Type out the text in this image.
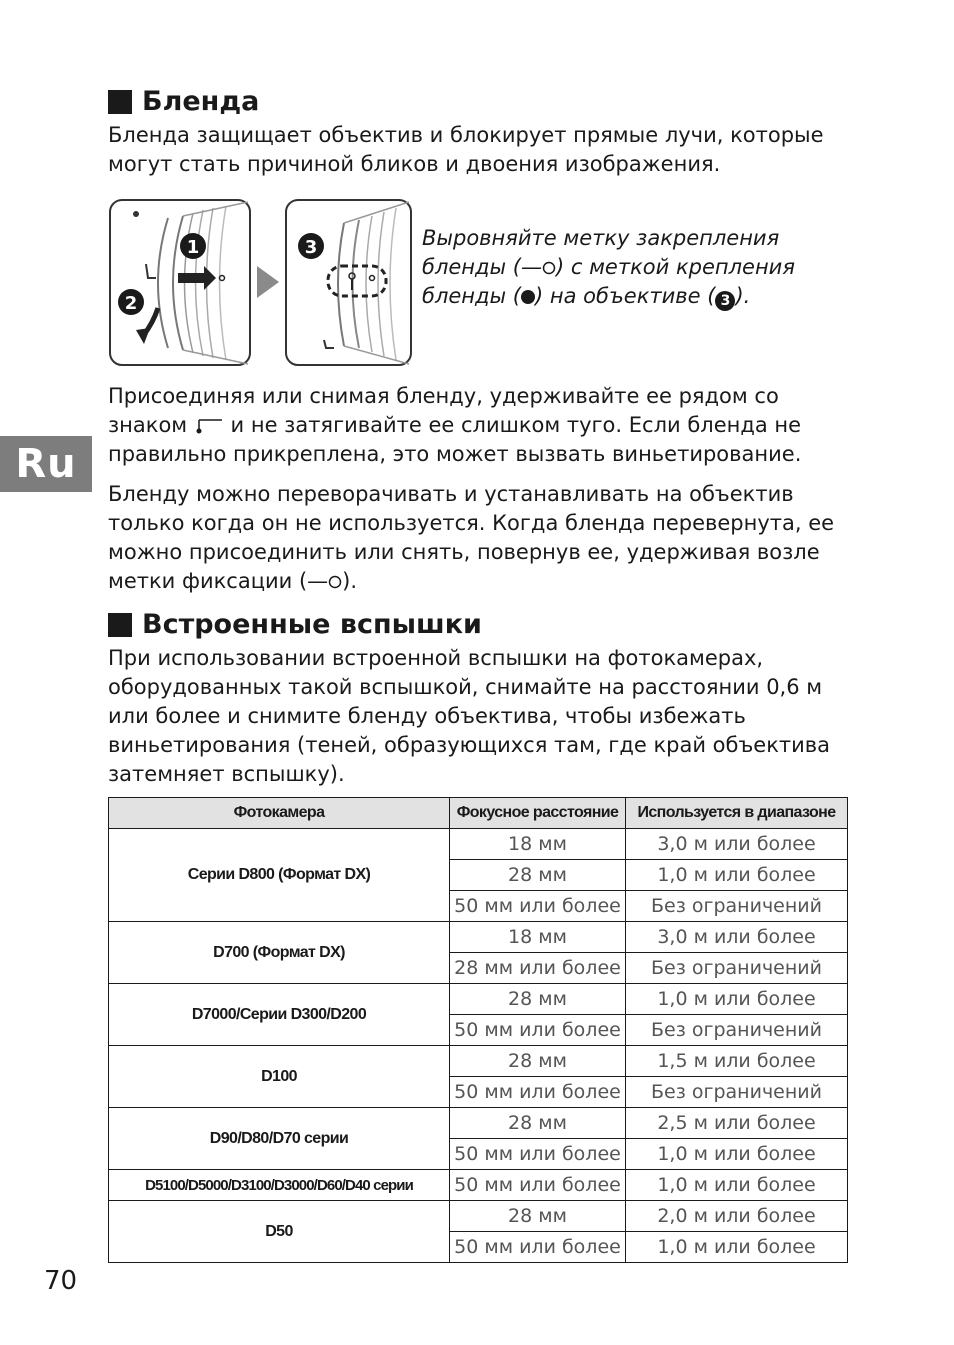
Бленда

Бленда защищает объектив и блокирует прямые лучи, которые

могут стать причиной бликов и двоения изображения.

1
2
3	Выровняйте метку закрепления
бленды (— ) с меткой крепления
бленды ( ) на объективе ( 3 ).

Присоединяя или снимая бленду, удерживайте ее рядом со

знаком и не затягивайте ее слишком туго. Если бленда не

правильно прикреплена, это может вызвать виньетирование.

Ru

Бленду можно переворачивать и устанавливать на объектив

только когда он не используется. Когда бленда перевернута, ее

можно присоединить или снять, повернув ее, удерживая возле

метки фиксации (— ).

Встроенные вспышки

При использовании встроенной вспышки на фотокамерах,

оборудованных такой вспышкой, снимайте на расстоянии 0,6 м

или более и снимите бленду объектива, чтобы избежать

виньетирования (теней, образующихся там, где край объектива

затемняет вспышку).

Фотокамера	Фокусное расстояние	Используется в диапазоне
Серии D800 (Формат DX)	18 мм	3,0 м или более
	28 мм	1,0 м или более
	50 мм или более	Без ограничений
D700 (Формат DX)	18 мм	3,0 м или более
	28 мм или более	Без ограничений
D7000/Серии D300/D200	28 мм	1,0 м или более
	50 мм или более	Без ограничений
D100	28 мм	1,5 м или более
	50 мм или более	Без ограничений
D90/D80/D70 серии	28 мм	2,5 м или более
	50 мм или более	1,0 м или более
D5100/D5000/D3100/D3000/D60/D40 серии	50 мм или более	1,0 м или более
D50	28 мм	2,0 м или более
	50 мм или более	1,0 м или более
70
